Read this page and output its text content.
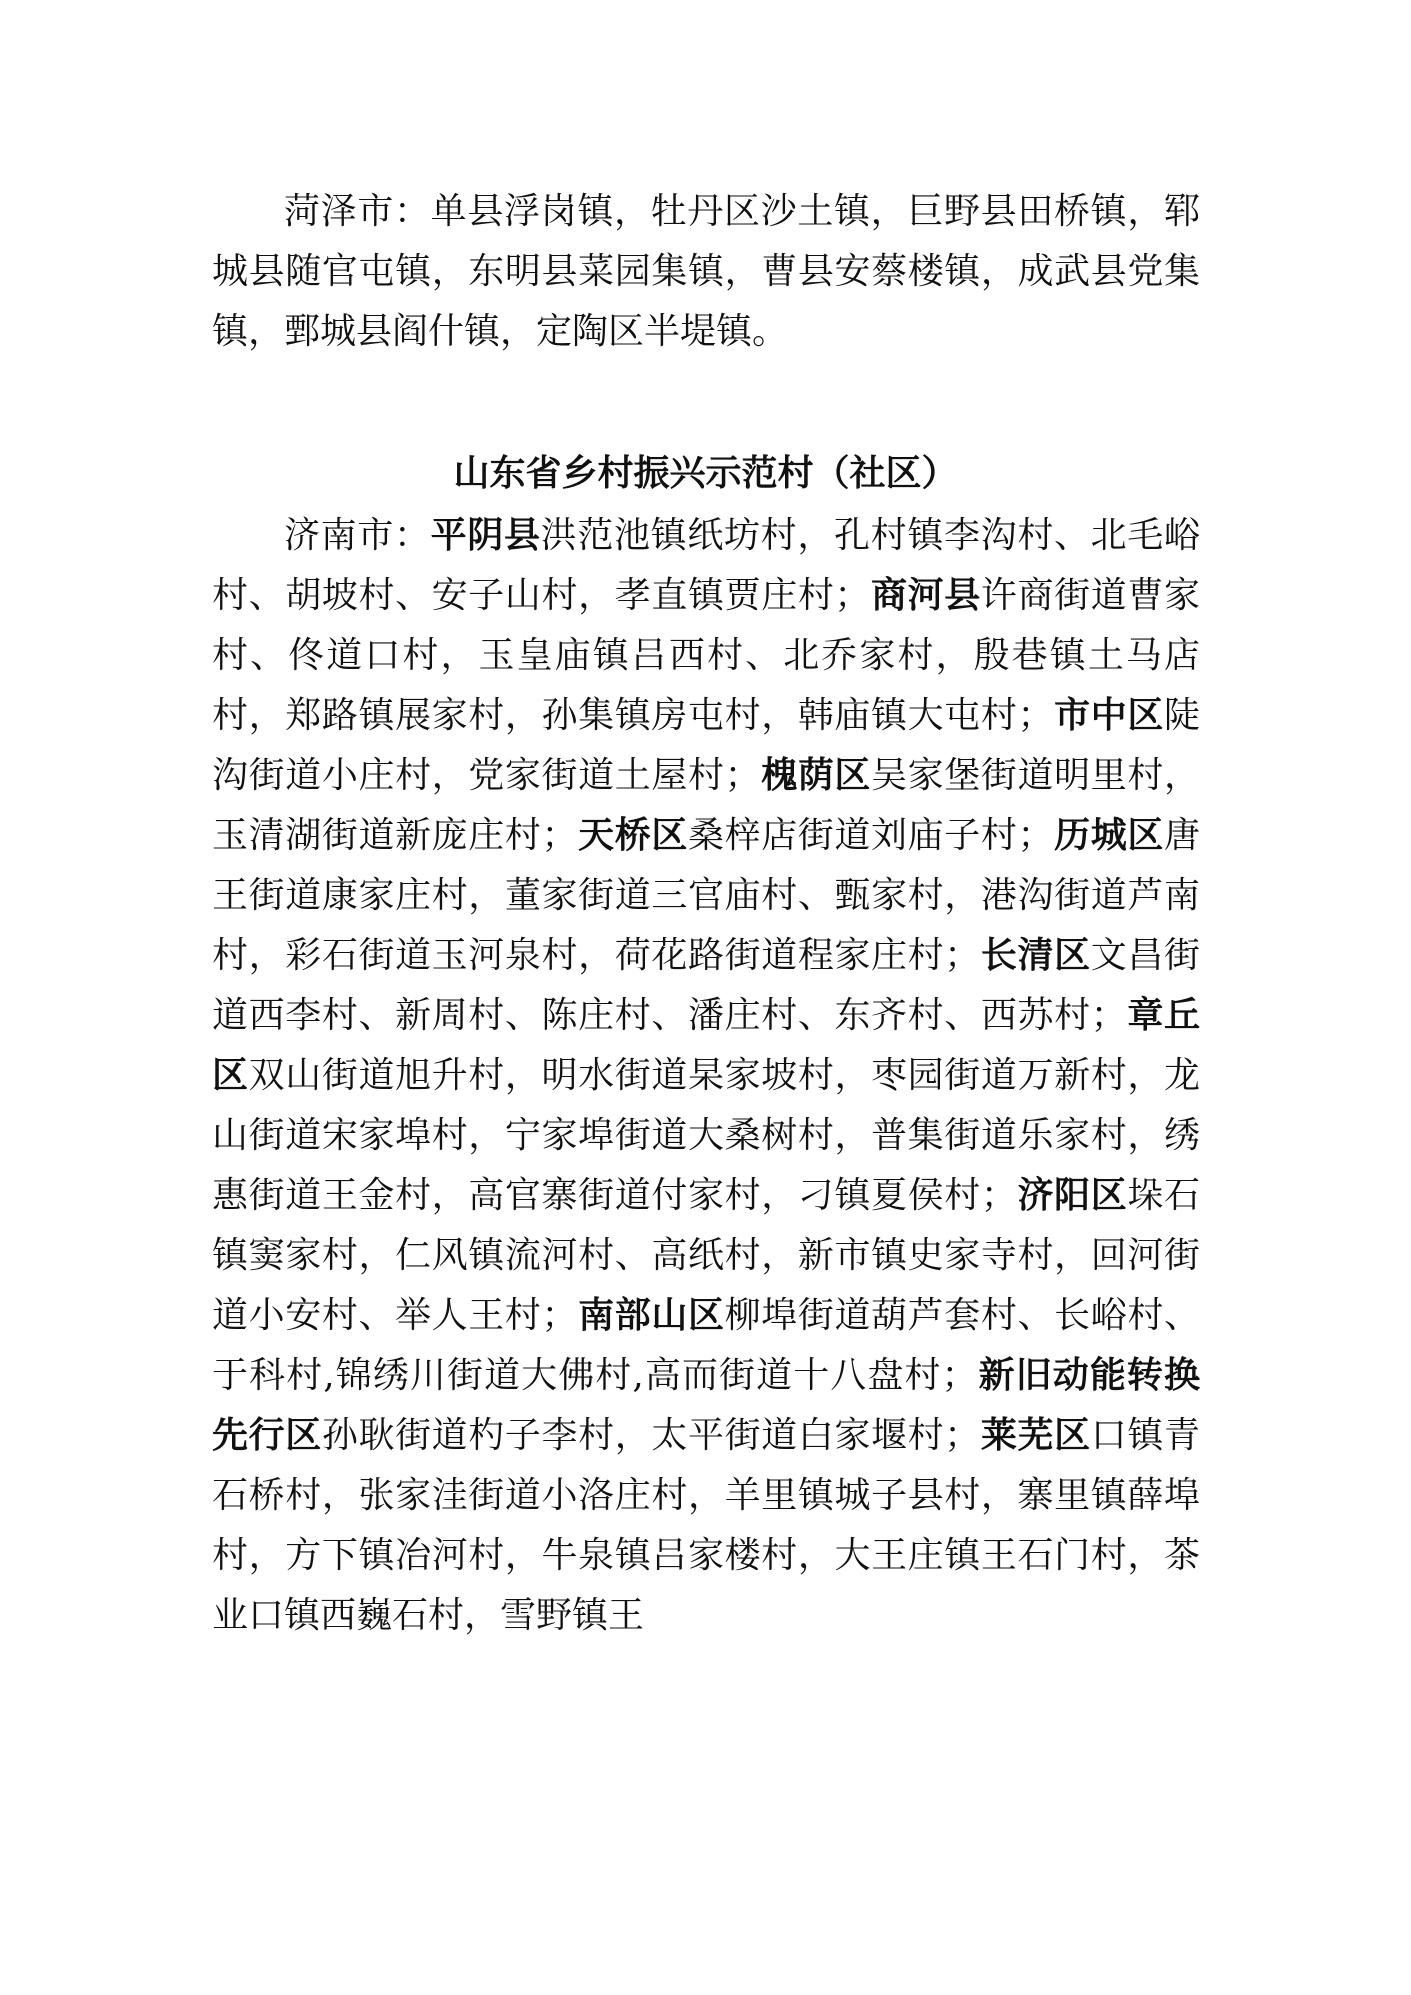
菏泽市：单县浮岗镇，牡丹区沙土镇，巨野县田桥镇，郓城县随官屯镇，东明县菜园集镇，曹县安蔡楼镇，成武县党集镇，鄄城县阎什镇，定陶区半堤镇。

山东省乡村振兴示范村（社区）

济南市：平阴县洪范池镇纸坊村，孔村镇李沟村、北毛峪村、胡坡村、安子山村，孝直镇贾庄村；商河县许商街道曹家村、佟道口村，玉皇庙镇吕西村、北乔家村，殷巷镇土马店村，郑路镇展家村，孙集镇房屯村，韩庙镇大屯村；市中区陡沟街道小庄村，党家街道土屋村；槐荫区吴家堡街道明里村，玉清湖街道新庞庄村；天桥区桑梓店街道刘庙子村；历城区唐王街道康家庄村，董家街道三官庙村、甄家村，港沟街道芦南村，彩石街道玉河泉村，荷花路街道程家庄村；长清区文昌街道西李村、新周村、陈庄村、潘庄村、东齐村、西苏村；章丘区双山街道旭升村，明水街道杲家坡村，枣园街道万新村，龙山街道宋家埠村，宁家埠街道大桑树村，普集街道乐家村，绣惠街道王金村，高官寨街道付家村，刁镇夏侯村；济阳区垛石镇窦家村，仁风镇流河村、高纸村，新市镇史家寺村，回河街道小安村、举人王村；南部山区柳埠街道葫芦套村、长峪村、于科村,锦绣川街道大佛村,高而街道十八盘村；新旧动能转换先行区孙耿街道杓子李村，太平街道白家堰村；莱芜区口镇青石桥村，张家洼街道小洛庄村，羊里镇城子县村，寨里镇薛埠村，方下镇冶河村，牛泉镇吕家楼村，大王庄镇王石门村，茶业口镇西巍石村，雪野镇王
